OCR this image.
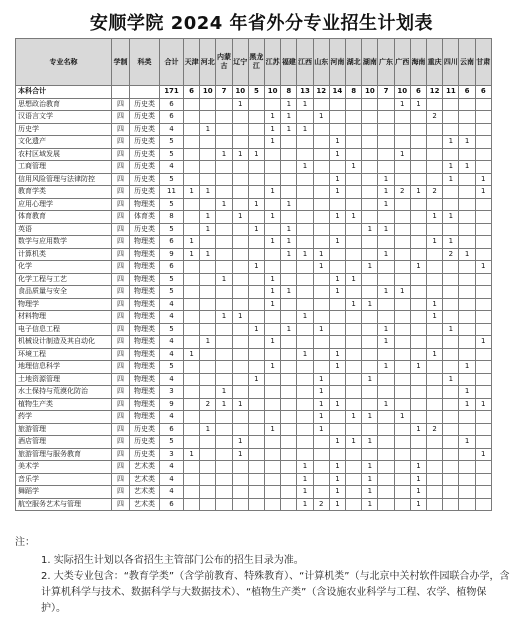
安顺学院 2024 年省外分专业招生计划表
专业名称	学制	科类	合计	天津	河北	内蒙古	辽宁	黑龙江	江苏	福建	江西	山东	河南	湖北	湖南	广东	广西	海南	重庆	四川	云南	甘肃
本科合计			171	6	10	7	10	5	10	8	13	12	14	8	10	7	10	6	12	11	6	6
思想政治教育	四	历史类	6				1			1	1						1	1				
汉语言文学	四	历史类	6						1	1		1							2			
历史学	四	历史类	4		1				1	1	1											
文化遗产	四	历史类	5						1				1							1	1	
农村区域发展	四	历史类	5			1	1	1					1				1					
工商管理	四	历史类	4								1			1						1	1	
信用风险管理与法律防控	四	历史类	5										1			1				1		1
教育学类	四	历史类	11	1	1				1				1			1	2	1	2			1
应用心理学	四	物理类	5			1		1		1						1						
体育教育	四	体育类	8		1		1		1				1	1					1	1		
英语	四	历史类	5		1			1		1					1	1						
数学与应用数学	四	物理类	6	1					1	1			1						1	1		
计算机类	四	物理类	9	1	1					1	1	1				1				2	1	
化学	四	物理类	6					1				1			1			1				1
化学工程与工艺	四	物理类	5			1			1				1	1								
食品质量与安全	四	物理类	5						1	1			1			1	1					
物理学	四	物理类	4						1					1	1				1			
材料物理	四	物理类	4			1	1				1								1			
电子信息工程	四	物理类	5					1		1		1				1				1		
机械设计制造及其自动化	四	物理类	4		1				1							1						1
环境工程	四	物理类	4	1							1		1						1			
地理信息科学	四	物理类	5						1				1			1		1			1	
土地资源管理	四	物理类	4					1				1			1					1		
水土保持与荒漠化防治	四	物理类	3			1						1									1	
植物生产类	四	物理类	9		2	1	1					1	1			1					1	1
药学	四	物理类	4									1		1	1		1					
旅游管理	四	历史类	6		1				1			1						1	2			
酒店管理	四	历史类	5				1						1	1	1						1	
旅游管理与服务教育	四	历史类	3	1			1															1
美术学	四	艺术类	4								1		1		1			1				
音乐学	四	艺术类	4								1		1		1			1				
舞蹈学	四	艺术类	4								1		1		1			1				
航空服务艺术与管理	四	艺术类	6								1	2	1		1			1				
注：
1. 实际招生计划以各省招生主管部门公布的招生目录为准。
2. 大类专业包含：“教育学类”（含学前教育、特殊教育）、“计算机类”（与北京中关村软件园联合办学，含计算机科学与技术、数据科学与大数据技术）、“植物生产类”（含设施农业科学与工程、农学、植物保护）。
